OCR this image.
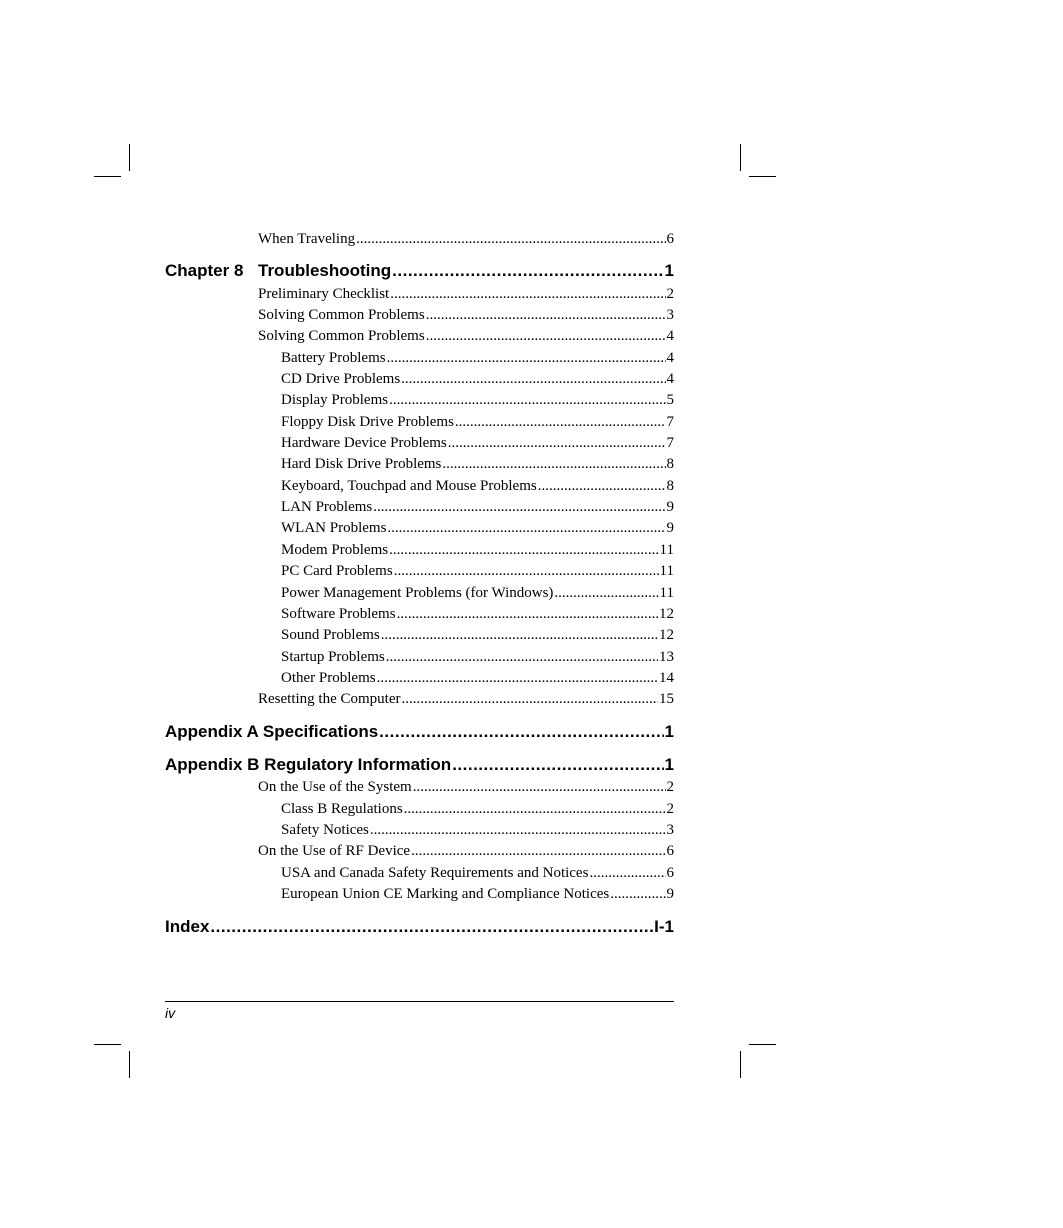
When Traveling .....	6
Chapter 8 Troubleshooting .....	1
Preliminary Checklist .....	2
Solving Common Problems .....	3
Solving Common Problems .....	4
Battery Problems .....	4
CD Drive Problems .....	4
Display Problems .....	5
Floppy Disk Drive Problems .....	7
Hardware Device Problems .....	7
Hard Disk Drive Problems .....	8
Keyboard, Touchpad and Mouse Problems .....	8
LAN Problems .....	9
WLAN Problems .....	9
Modem Problems .....	11
PC Card Problems .....	11
Power Management Problems (for Windows) .....	11
Software Problems .....	12
Sound Problems .....	12
Startup Problems .....	13
Other Problems .....	14
Resetting the Computer .....	15
Appendix A Specifications .....	1
Appendix B Regulatory Information .....	1
On the Use of the System .....	2
Class B Regulations .....	2
Safety Notices .....	3
On the Use of RF Device .....	6
USA and Canada Safety Requirements and Notices .....	6
European Union CE Marking and Compliance Notices .....	9
Index .....	I-1
iv
